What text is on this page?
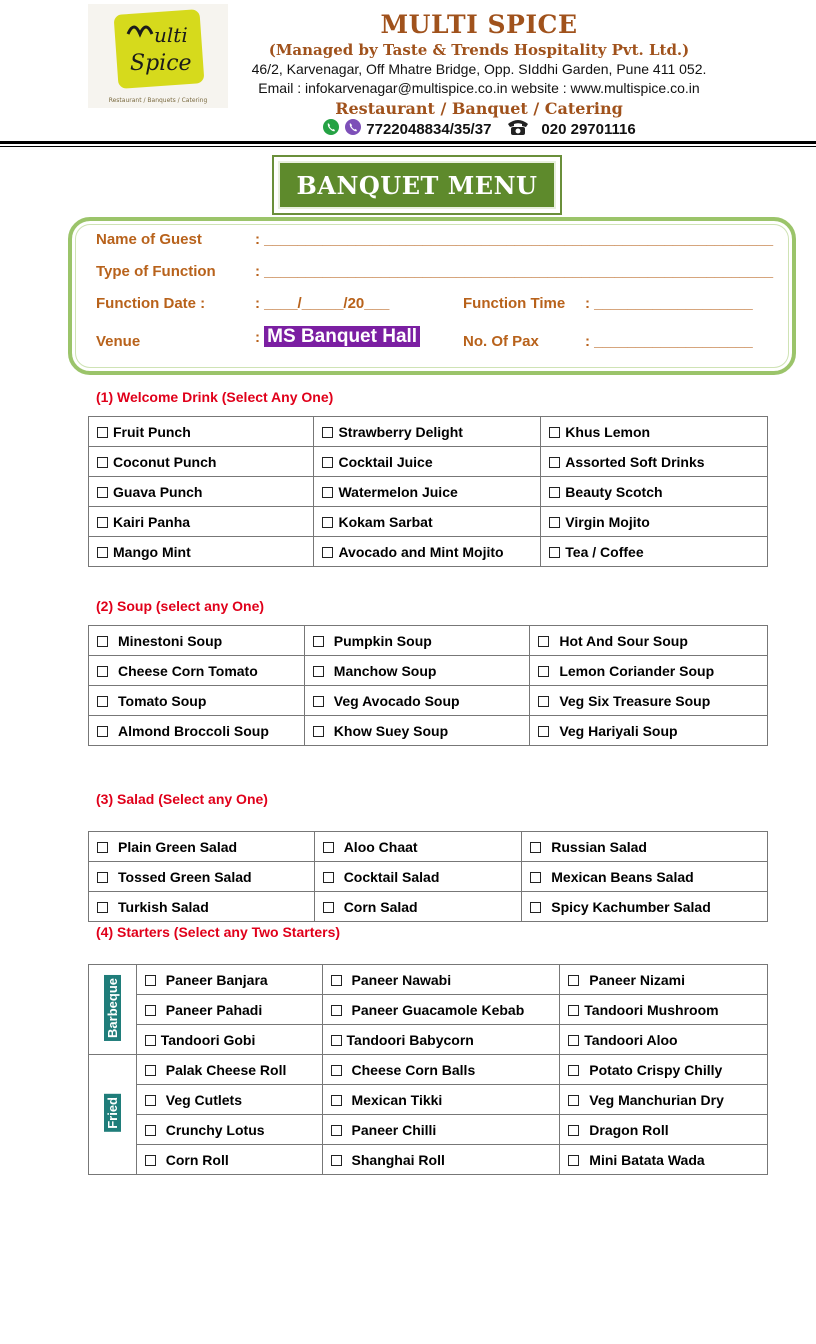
ulti
Spice
Restaurant / Banquets / Catering
MULTI SPICE
(Managed by Taste & Trends Hospitality Pvt. Ltd.)
46/2, Karvenagar, Off Mhatre Bridge, Opp. SIddhi Garden, Pune 411 052.
Email : infokarvenagar@multispice.co.in website : www.multispice.co.in
Restaurant / Banquet / Catering
7722048834/35/37	020 29701116
BANQUET MENU
Name of Guest	: _____________________________________________________________
Type of Function	: _____________________________________________________________
Function Date :	: ____/_____/20___	Function Time : ___________________
Venue	: MS Banquet Hall	No. Of Pax	: ___________________
(1) Welcome Drink (Select Any One)
Fruit Punch	Strawberry Delight	Khus Lemon
Coconut Punch	Cocktail Juice	Assorted Soft Drinks
Guava Punch	Watermelon Juice	Beauty Scotch
Kairi Panha	Kokam Sarbat	Virgin Mojito
Mango Mint	Avocado and Mint Mojito	Tea / Coffee
(2) Soup (select any One)
Minestoni Soup	Pumpkin Soup	Hot And Sour Soup
Cheese Corn Tomato	Manchow Soup	Lemon Coriander Soup
Tomato Soup	Veg Avocado Soup	Veg Six Treasure Soup
Almond Broccoli Soup	Khow Suey Soup	Veg Hariyali Soup
(3) Salad (Select any One)
Plain Green Salad	Aloo Chaat	Russian Salad
Tossed Green Salad	Cocktail Salad	Mexican Beans Salad
Turkish Salad	Corn Salad	Spicy Kachumber Salad
(4) Starters (Select any Two Starters)
Barbeque	Paneer Banjara	Paneer Nawabi	Paneer Nizami
	Paneer Pahadi	Paneer Guacamole Kebab	Tandoori Mushroom
	Tandoori Gobi	Tandoori Babycorn	Tandoori Aloo
Fried	Palak Cheese Roll	Cheese Corn Balls	Potato Crispy Chilly
	Veg Cutlets	Mexican Tikki	Veg Manchurian Dry
	Crunchy Lotus	Paneer Chilli	Dragon Roll
	Corn Roll	Shanghai Roll	Mini Batata Wada
